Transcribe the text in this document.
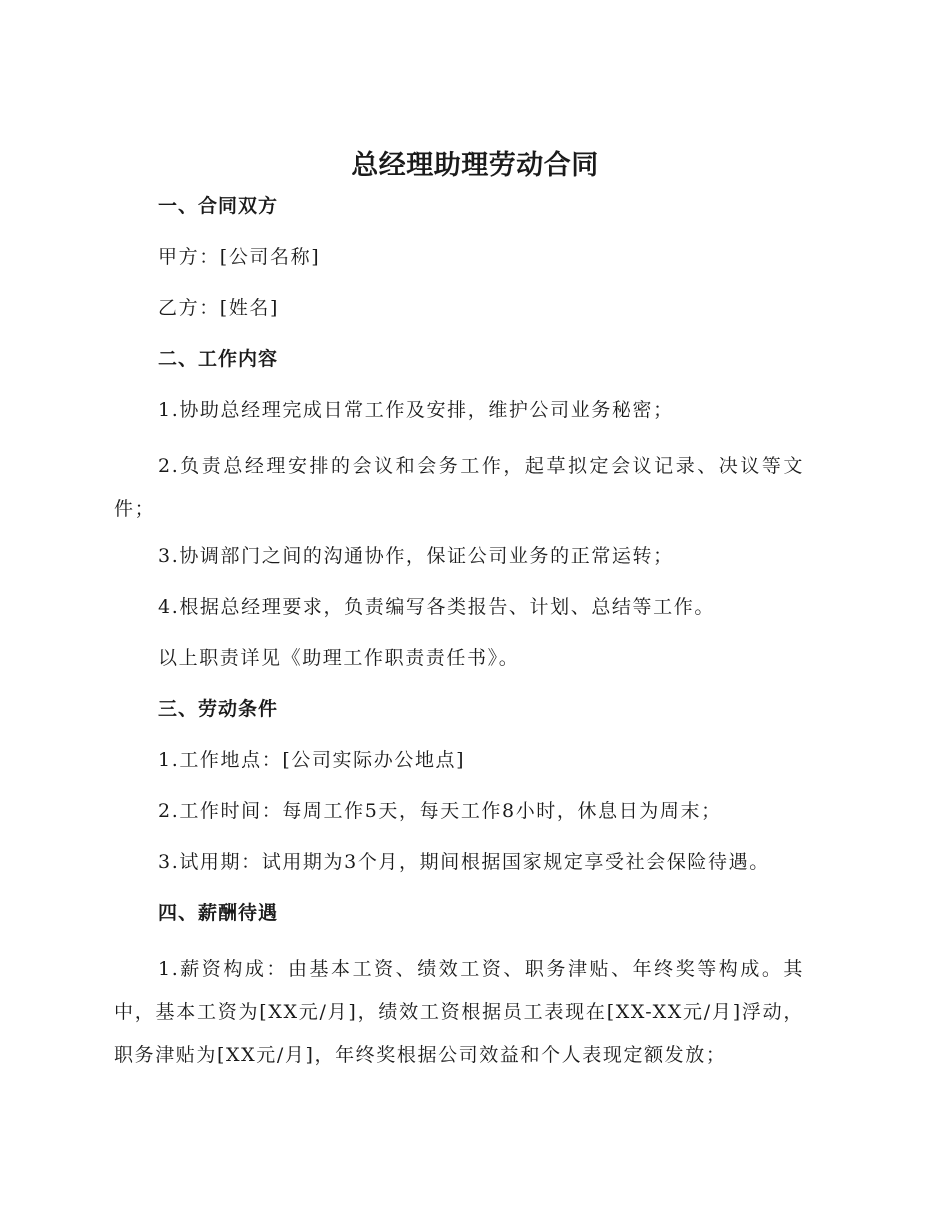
总经理助理劳动合同
一、合同双方

甲方：[公司名称]

乙方：[姓名]

二、工作内容

1.协助总经理完成日常工作及安排，维护公司业务秘密；

2.负责总经理安排的会议和会务工作，起草拟定会议记录、决议等文件；

3.协调部门之间的沟通协作，保证公司业务的正常运转；

4.根据总经理要求，负责编写各类报告、计划、总结等工作。

以上职责详见《助理工作职责责任书》。

三、劳动条件

1.工作地点：[公司实际办公地点]

2.工作时间：每周工作5天，每天工作8小时，休息日为周末；

3.试用期：试用期为3个月，期间根据国家规定享受社会保险待遇。

四、薪酬待遇

1.薪资构成：由基本工资、绩效工资、职务津贴、年终奖等构成。其中，基本工资为[XX元/月]，绩效工资根据员工表现在[XX-XX元/月]浮动，职务津贴为[XX元/月]，年终奖根据公司效益和个人表现定额发放；
